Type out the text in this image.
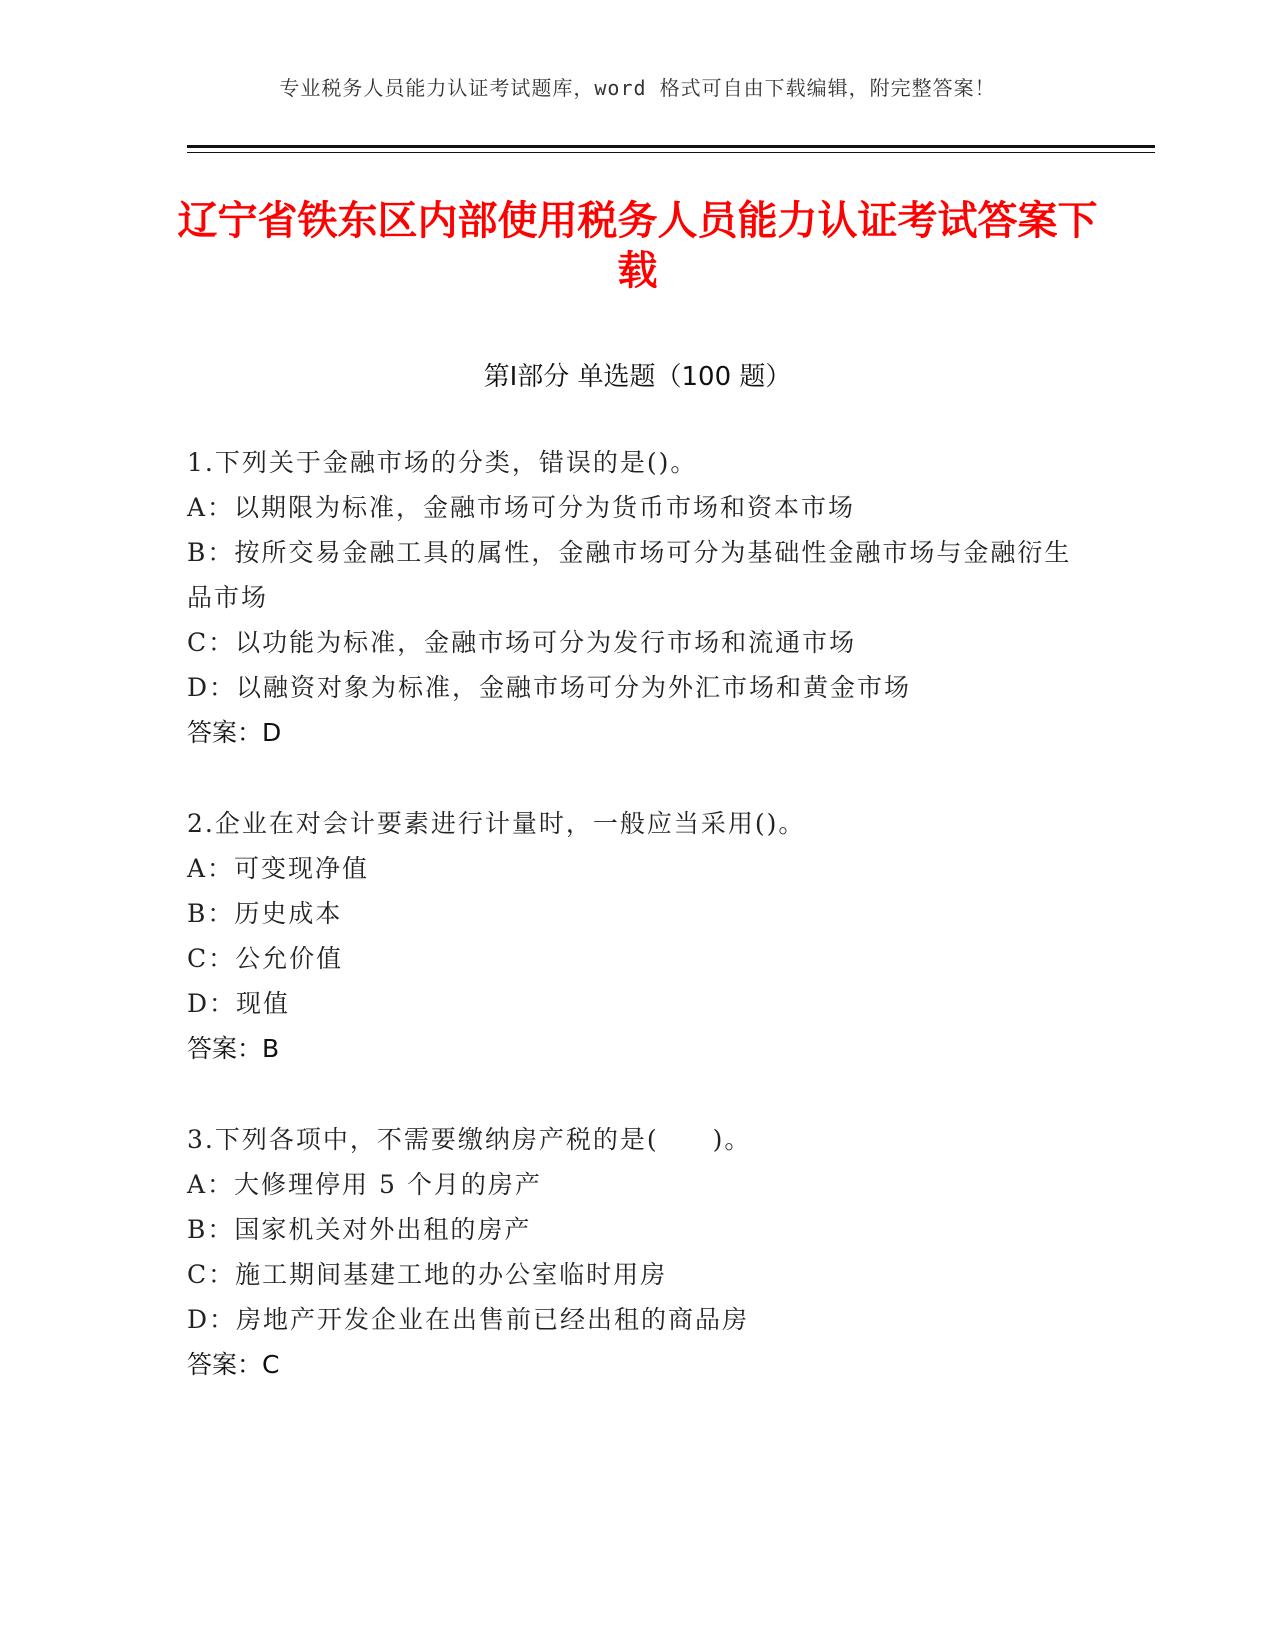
专业税务人员能力认证考试题库，word 格式可自由下载编辑，附完整答案！
辽宁省铁东区内部使用税务人员能力认证考试答案下载
第Ⅰ部分 单选题（100 题）
1.下列关于金融市场的分类，错误的是()。
A：以期限为标准，金融市场可分为货币市场和资本市场
B：按所交易金融工具的属性，金融市场可分为基础性金融市场与金融衍生品市场
C：以功能为标准，金融市场可分为发行市场和流通市场
D：以融资对象为标准，金融市场可分为外汇市场和黄金市场
答案：D
2.企业在对会计要素进行计量时，一般应当采用()。
A：可变现净值
B：历史成本
C：公允价值
D：现值
答案：B
3.下列各项中，不需要缴纳房产税的是(　　)。
A：大修理停用 5 个月的房产
B：国家机关对外出租的房产
C：施工期间基建工地的办公室临时用房
D：房地产开发企业在出售前已经出租的商品房
答案：C
